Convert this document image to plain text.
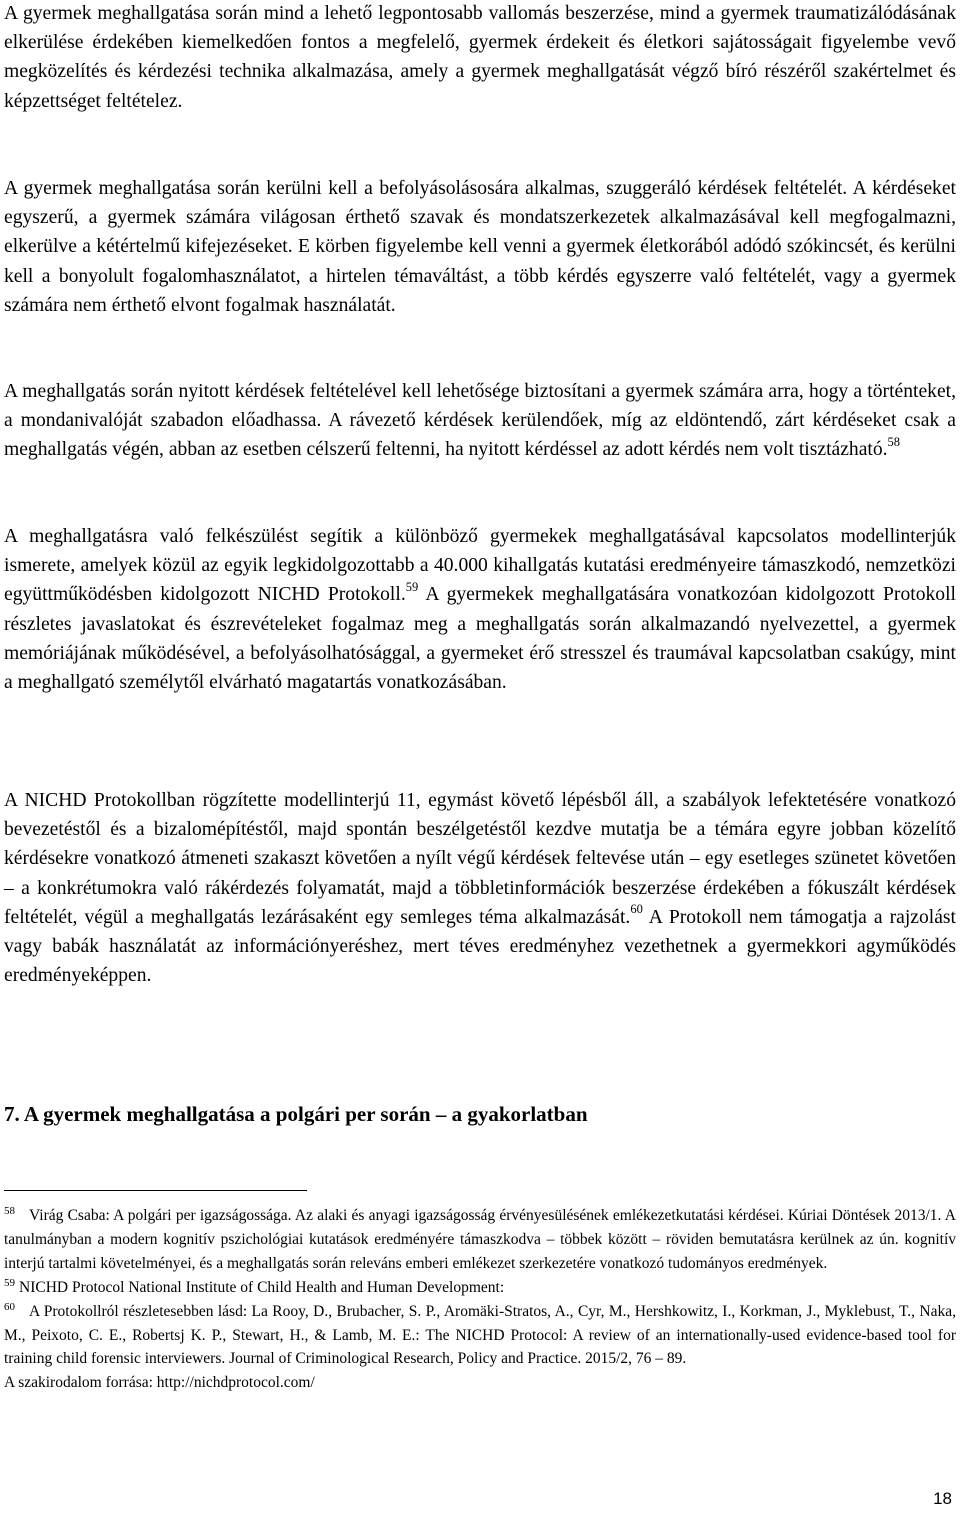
A gyermek meghallgatása során mind a lehető legpontosabb vallomás beszerzése, mind a gyermek traumatizálódásának elkerülése érdekében kiemelkedően fontos a megfelelő, gyermek érdekeit és életkori sajátosságait figyelembe vevő megközelítés és kérdezési technika alkalmazása, amely a gyermek meghallgatását végző bíró részéről szakértelmet és képzettséget feltételez.

A gyermek meghallgatása során kerülni kell a befolyásolásosára alkalmas, szuggeráló kérdések feltételét. A kérdéseket egyszerű, a gyermek számára világosan érthető szavak és mondatszerkezetek alkalmazásával kell megfogalmazni, elkerülve a kétértelmű kifejezéseket. E körben figyelembe kell venni a gyermek életkorából adódó szókincsét, és kerülni kell a bonyolult fogalomhasználatot, a hirtelen témaváltást, a több kérdés egyszerre való feltételét, vagy a gyermek számára nem érthető elvont fogalmak használatát.

A meghallgatás során nyitott kérdések feltételével kell lehetősége biztosítani a gyermek számára arra, hogy a történteket, a mondanivalóját szabadon előadhassa. A rávezető kérdések kerülendőek, míg az eldöntendő, zárt kérdéseket csak a meghallgatás végén, abban az esetben célszerű feltenni, ha nyitott kérdéssel az adott kérdés nem volt tisztázható.$^{58}$

A meghallgatásra való felkészülést segítik a különböző gyermekek meghallgatásával kapcsolatos modellinterjúk ismerete, amelyek közül az egyik legkidolgozottabb a 40.000 kihallgatás kutatási eredményeire támaszkodó, nemzetközi együttműködésben kidolgozott NICHD Protokoll.$^{59}$ A gyermekek meghallgatására vonatkozóan kidolgozott Protokoll részletes javaslatokat és észrevételeket fogalmaz meg a meghallgatás során alkalmazandó nyelvezettel, a gyermek memóriájának működésével, a befolyásolhatósággal, a gyermeket érő stresszel és traumával kapcsolatban csakúgy, mint a meghallgató személytől elvárható magatartás vonatkozásában.

A NICHD Protokollban rögzítette modellinterjú 11, egymást követő lépésből áll, a szabályok lefektetésére vonatkozó bevezetéstől és a bizalomépítéstől, majd spontán beszélgetéstől kezdve mutatja be a témára egyre jobban közelítő kérdésekre vonatkozó átmeneti szakaszt követően a nyílt végű kérdések feltevése után – egy esetleges szünetet követően – a konkrétumokra való rákérdezés folyamatát, majd a többletinformációk beszerzése érdekében a fókuszált kérdések feltételét, végül a meghallgatás lezárásaként egy semleges téma alkalmazását.$^{60}$ A Protokoll nem támogatja a rajzolást vagy babák használatát az információnyeréshez, mert téves eredményhez vezethetnek a gyermekkori agyműködés eredményeképpen.

7. A gyermek meghallgatása a polgári per során – a gyakorlatban

$^{58}$ Virág Csaba: A polgári per igazságossága. Az alaki és anyagi igazságosság érvényesülésének emlékezetkutatási kérdései. Kúriai Döntések 2013/1. A tanulmányban a modern kognitív pszichológiai kutatások eredményére támaszkodva – többek között – röviden bemutatásra kerülnek az ún. kognitív interjú tartalmi követelményei, és a meghallgatás során releváns emberi emlékezet szerkezetére vonatkozó tudományos eredmények.

$^{59}$ NICHD Protocol National Institute of Child Health and Human Development:

$^{60}$ A Protokollról részletesebben lásd: La Rooy, D., Brubacher, S. P., Aromäki-Stratos, A., Cyr, M., Hershkowitz, I., Korkman, J., Myklebust, T., Naka, M., Peixoto, C. E., Robertsj K. P., Stewart, H., & Lamb, M. E.: The NICHD Protocol: A review of an internationally-used evidence-based tool for training child forensic interviewers. Journal of Criminological Research, Policy and Practice. 2015/2, 76 – 89.

A szakirodalom forrása: http://nichdprotocol.com/

18
